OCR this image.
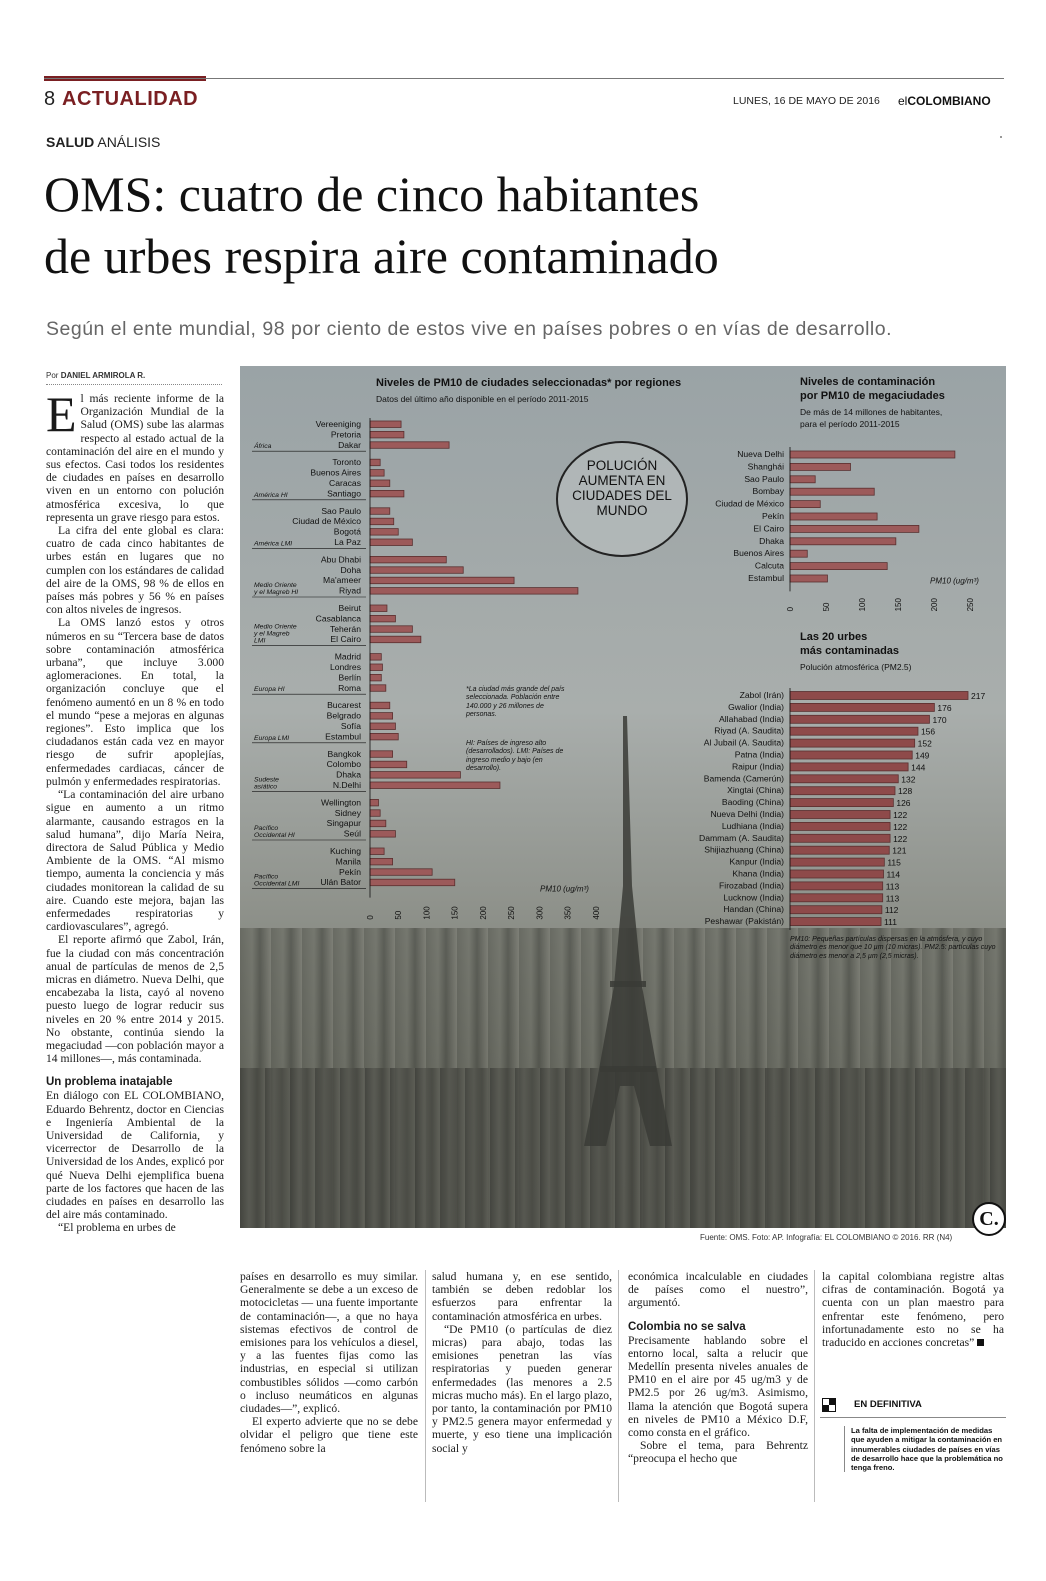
8 ACTUALIDAD	LUNES, 16 DE MAYO DE 2016 elCOLOMBIANO
SALUD ANÁLISIS
OMS: cuatro de cinco habitantes
de urbes respira aire contaminado
Según el ente mundial, 98 por ciento de estos vive en países pobres o en vías de desarrollo.
Por DANIEL ARMIROLA R.

El más reciente informe de la Organización Mundial de la Salud (OMS) sube las alarmas respecto al estado actual de la contaminación del aire en el mundo y sus efectos. Casi todos los residentes de ciudades en países en desarrollo viven en un entorno con polución atmosférica excesiva, lo que representa un grave riesgo para estos.

La cifra del ente global es clara: cuatro de cada cinco habitantes de urbes están en lugares que no cumplen con los estándares de calidad del aire de la OMS, 98 % de ellos en países más pobres y 56 % en países con altos niveles de ingresos.

La OMS lanzó estos y otros números en su “Tercera base de datos sobre contaminación atmosférica urbana”, que incluye 3.000 aglomeraciones. En total, la organización concluye que el fenómeno aumentó en un 8 % en todo el mundo “pese a mejoras en algunas regiones”. Esto implica que los ciudadanos están cada vez en mayor riesgo de sufrir apoplejías, enfermedades cardiacas, cáncer de pulmón y enfermedades respiratorias.

“La contaminación del aire urbano sigue en aumento a un ritmo alarmante, causando estragos en la salud humana”, dijo María Neira, directora de Salud Pública y Medio Ambiente de la OMS. “Al mismo tiempo, aumenta la conciencia y más ciudades monitorean la calidad de su aire. Cuando este mejora, bajan las enfermedades respiratorias y cardiovasculares”, agregó.

El reporte afirmó que Zabol, Irán, fue la ciudad con más concentración anual de partículas de menos de 2,5 micras en diámetro. Nueva Delhi, que encabezaba la lista, cayó al noveno puesto luego de lograr reducir sus niveles en 20 % entre 2014 y 2015. No obstante, continúa siendo la megaciudad —con población mayor a 14 millones—, más contaminada.

Un problema inatajable

En diálogo con EL COLOMBIANO, Eduardo Behrentz, doctor en Ciencias e Ingeniería Ambiental de la Universidad de California, y vicerrector de Desarrollo de la Universidad de los Andes, explicó por qué Nueva Delhi ejemplifica buena parte de los factores que hacen de las ciudades en países en desarrollo las del aire más contaminado.

“El problema en urbes de

Niveles de PM10 de ciudades seleccionadas* por regiones
Datos del último año disponible en el período 2011-2015
Vereeniging
Pretoria
Dakar
África
Toronto
Buenos Aires
Caracas
Santiago
América HI
Sao Paulo
Ciudad de México
Bogotá
La Paz
América LMI
Abu Dhabi
Doha
Ma'ameer
Riyad
Medio Oriente
y el Magreb HI
Beirut
Casablanca
Teherán
El Cairo
Medio Oriente
y el Magreb
LMI
Madrid
Londres
Berlín
Roma
Europa HI
Bucarest
Belgrado
Sofía
Estambul
Europa LMI
Bangkok
Colombo
Dhaka
N.Delhi
Sudeste
asiático
Wellington
Sidney
Singapur
Seúl
Pacífico
Occidental HI
Kuching
Manila
Pekín
Ulán Bator
Pacífico
Occidental LMI
0 50 100 150 200 250 300 350 400
PM10 (ug/m³)
Niveles de contaminación
por PM10 de megaciudades
De más de 14 millones de habitantes,
para el período 2011-2015
Nueva Delhi
Shanghái
Sao Paulo
Bombay
Ciudad de México
Pekín
El Cairo
Dhaka
Buenos Aires
Calcuta
Estambul
0	50	100	150	200	250
PM10 (ug/m³)
Las 20 urbes
más contaminadas
Polución atmosférica (PM2.5)
Zabol (Irán)	217
Gwalior (India)	176
Allahabad (India)	170
Riyad (A. Saudita)	156
Al Jubail (A. Saudita)	152
Patna (India)	149
Raipur (India)	144
Bamenda (Camerún)	132
Xingtai (China)	128
Baoding (China)	126
Nueva Delhi (India)	122
Ludhiana (India)	122
Dammam (A. Saudita)	122
Shijiazhuang (China)	121
Kanpur (India)	115
Khana (India)	114
Firozabad (India)	113
Lucknow (India)	113
Handan (China)	112
Peshawar (Pakistán)	111
POLUCIÓN AUMENTA EN CIUDADES DEL MUNDO
*La ciudad más grande del país seleccionada. Población entre 140.000 y 26 millones de personas.
HI: Países de ingreso alto (desarrollados). LMI: Países de ingreso medio y bajo (en desarrollo).
PM10: Pequeñas partículas dispersas en la atmósfera, y cuyo diámetro es menor que 10 µm (10 micras). PM2.5: partículas cuyo diámetro es menor a 2,5 µm (2,5 micras).
C.
Fuente: OMS. Foto: AP. Infografía: EL COLOMBIANO © 2016. RR (N4)

países en desarrollo es muy similar. Generalmente se debe a un exceso de motocicletas — una fuente importante de contaminación—, a que no haya sistemas efectivos de control de emisiones para los vehículos a diesel, y a las fuentes fijas como las industrias, en especial si utilizan combustibles sólidos —como carbón o incluso neumáticos en algunas ciudades—”, explicó.

El experto advierte que no se debe olvidar el peligro que tiene este fenómeno sobre la

salud humana y, en ese sentido, también se deben redoblar los esfuerzos para enfrentar la contaminación atmosférica en urbes.

“De PM10 (o partículas de diez micras) para abajo, todas las emisiones penetran las vías respiratorias y pueden generar enfermedades (las menores a 2.5 micras mucho más). En el largo plazo, por tanto, la contaminación por PM10 y PM2.5 genera mayor enfermedad y muerte, y eso tiene una implicación social y

económica incalculable en ciudades de países como el nuestro”, argumentó.

Colombia no se salva

Precisamente hablando sobre el entorno local, salta a relucir que Medellín presenta niveles anuales de PM10 en el aire por 45 ug/m3 y de PM2.5 por 26 ug/m3. Asimismo, llama la atención que Bogotá supera en niveles de PM10 a México D.F, como consta en el gráfico.

Sobre el tema, para Behrentz “preocupa el hecho que

la capital colombiana registre altas cifras de contaminación. Bogotá ya cuenta con un plan maestro para enfrentar este fenómeno, pero infortunadamente esto no se ha traducido en acciones concretas”

EN DEFINITIVA
La falta de implementación de medidas que ayuden a mitigar la contaminación en innumerables ciudades de países en vías de desarrollo hace que la problemática no tenga freno.
